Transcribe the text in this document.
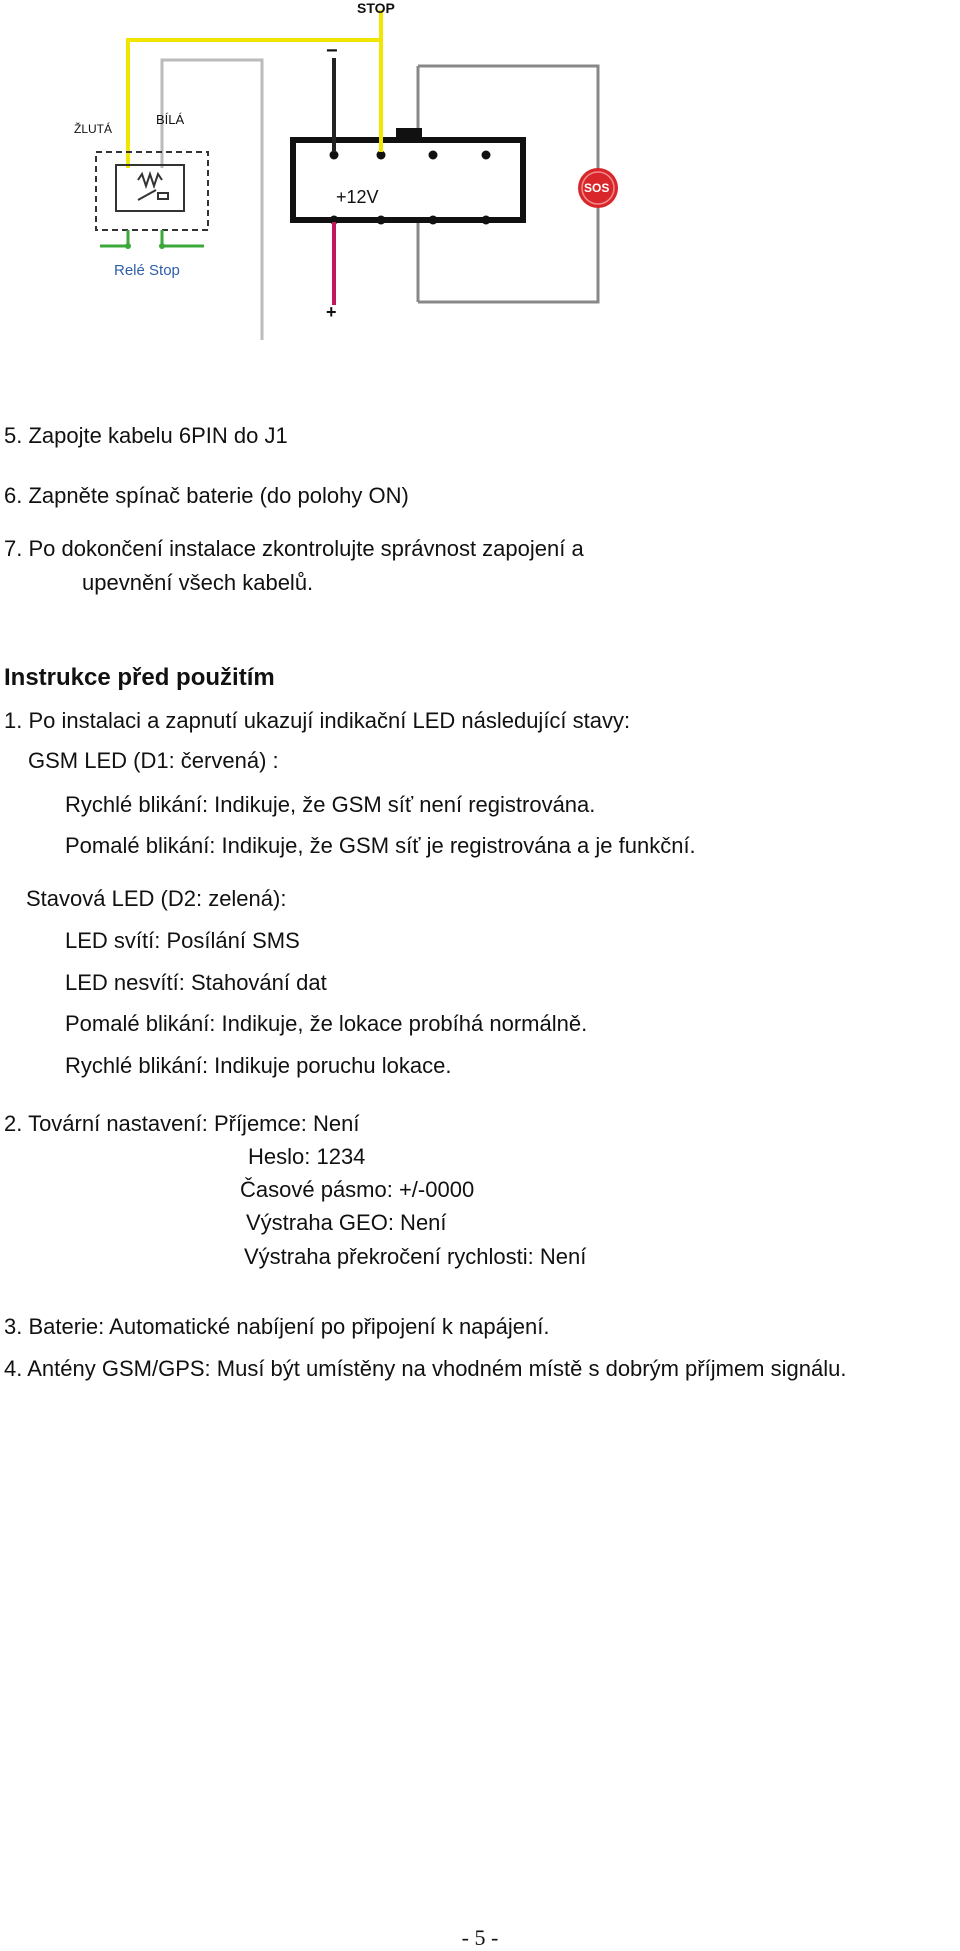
STOP
ŽLUTÁ
BÍLÁ
−
+12V
+
SOS
Relé Stop
5. Zapojte kabelu 6PIN do J1
6. Zapněte spínač baterie (do polohy ON)
7. Po dokončení instalace zkontrolujte správnost zapojení a
upevnění všech kabelů.
Instrukce před použitím
1. Po instalaci a zapnutí ukazují indikační LED následující stavy:
GSM LED (D1: červená) :
Rychlé blikání: Indikuje, že GSM síť není registrována.
Pomalé blikání: Indikuje, že GSM síť je registrována a je funkční.
Stavová LED (D2: zelená):
LED svítí: Posílání SMS
LED nesvítí: Stahování dat
Pomalé blikání: Indikuje, že lokace probíhá normálně.
Rychlé blikání: Indikuje poruchu lokace.
2. Tovární nastavení: Příjemce: Není
Heslo: 1234
Časové pásmo: +/-0000
Výstraha GEO: Není
Výstraha překročení rychlosti: Není
3. Baterie: Automatické nabíjení po připojení k napájení.
4. Antény GSM/GPS: Musí být umístěny na vhodném místě s dobrým příjmem signálu.
- 5 -
